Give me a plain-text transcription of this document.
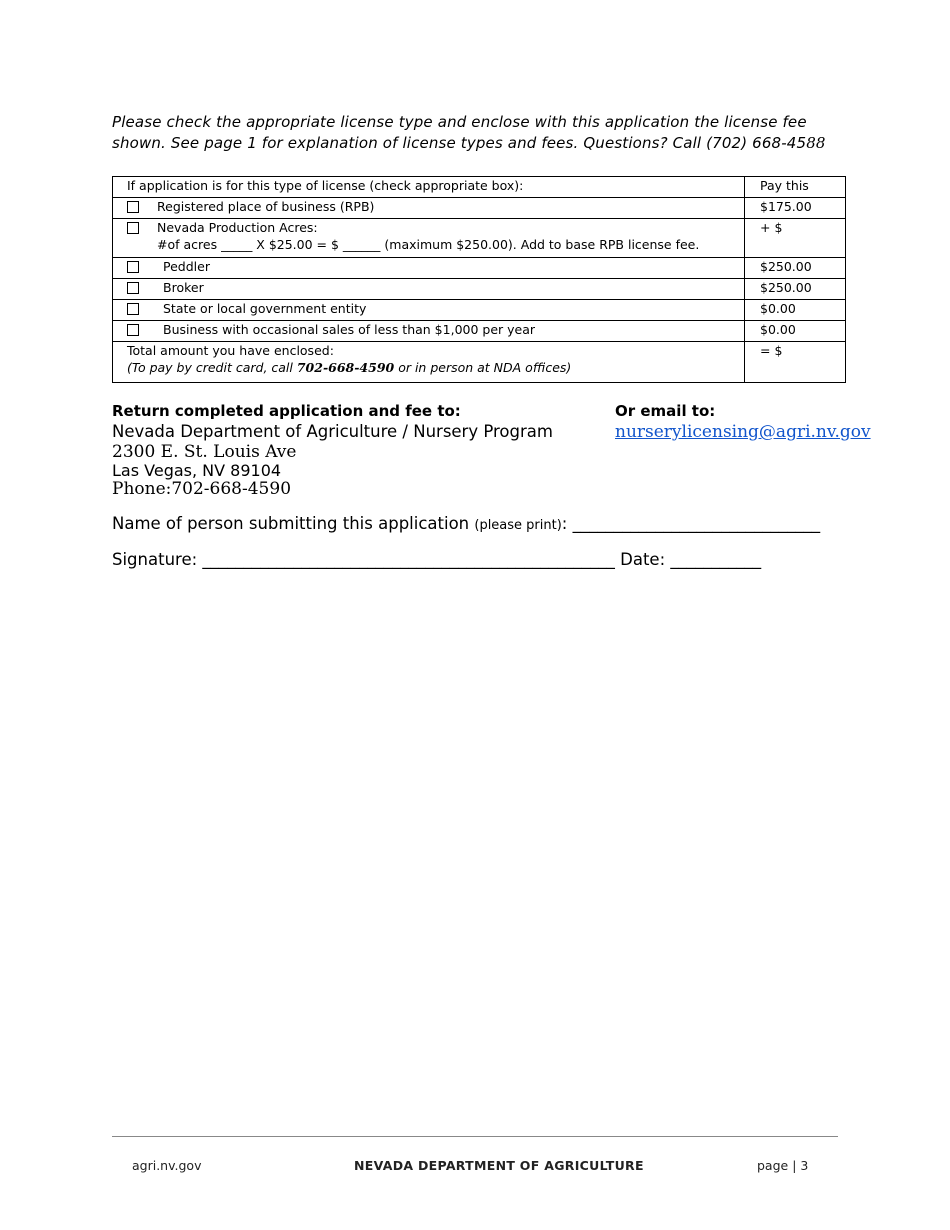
Please check the appropriate license type and enclose with this application the license fee shown. See page 1 for explanation of license types and fees. Questions? Call (702) 668-4588
If application is for this type of license (check appropriate box):	Pay this

Registered place of business (RPB)	$175.00

Nevada Production Acres:
#of acres _____ X $25.00 = $ ______ (maximum $250.00). Add to base RPB license fee.	+ $

Peddler	$250.00

Broker	$250.00

State or local government entity	$0.00

Business with occasional sales of less than $1,000 per year	$0.00

Total amount you have enclosed:
(To pay by credit card, call 702-668-4590 or in person at NDA offices)	= $
Return completed application and fee to:	Or email to:
Nevada Department of Agriculture / Nursery Program	nurserylicensing@agri.nv.gov
2300 E. St. Louis Ave
Las Vegas, NV 89104
Phone:702-668-4590
Name of person submitting this application (please print): ______________________________
Signature: __________________________________________________ Date: ___________
agri.nv.gov	NEVADA DEPARTMENT OF AGRICULTURE	page | 3
